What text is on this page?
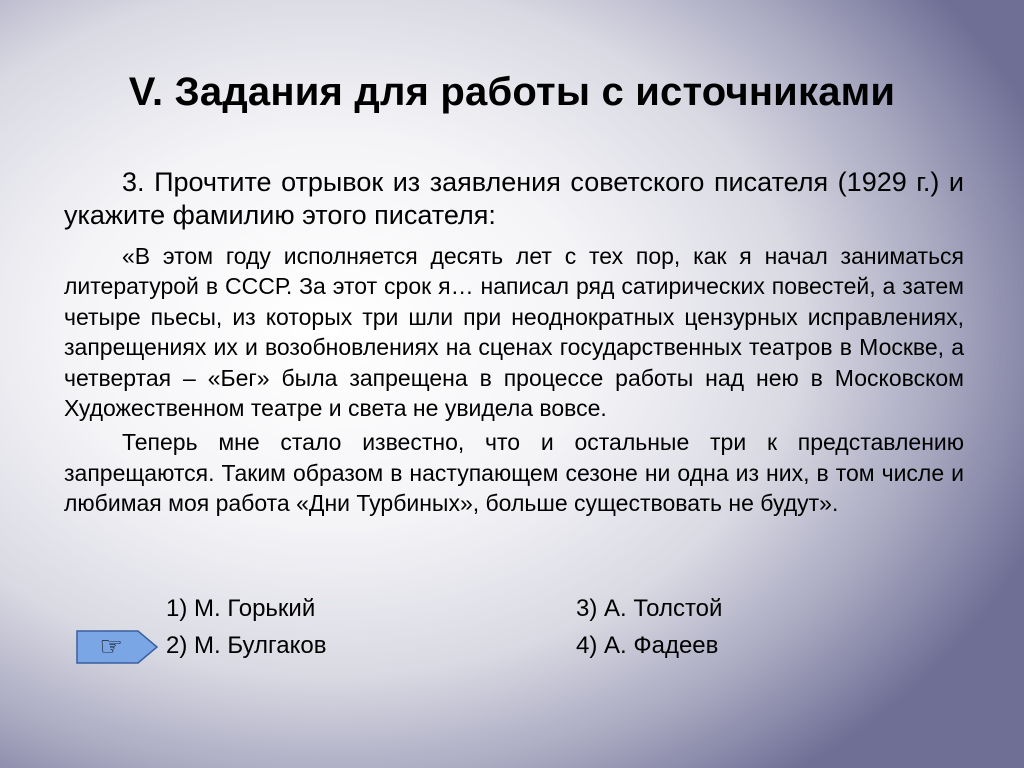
V. Задания для работы с источниками

3. Прочтите отрывок из заявления советского писателя (1929 г.) и укажите фамилию этого писателя:

«В этом году исполняется десять лет с тех пор, как я начал заниматься литературой в СССР. За этот срок я… написал ряд сатирических повестей, а затем четыре пьесы, из которых три шли при неоднократных цензурных исправлениях, запрещениях их и возобновлениях на сценах государственных театров в Москве, а четвертая – «Бег» была запрещена в процессе работы над нею в Московском Художественном театре и света не увидела вовсе.

Теперь мне стало известно, что и остальные три к представлению запрещаются. Таким образом в наступающем сезоне ни одна из них, в том числе и любимая моя работа «Дни Турбиных», больше существовать не будут».

1) М. Горький
2) М. Булгаков
3) А. Толстой
4) А. Фадеев
☞
